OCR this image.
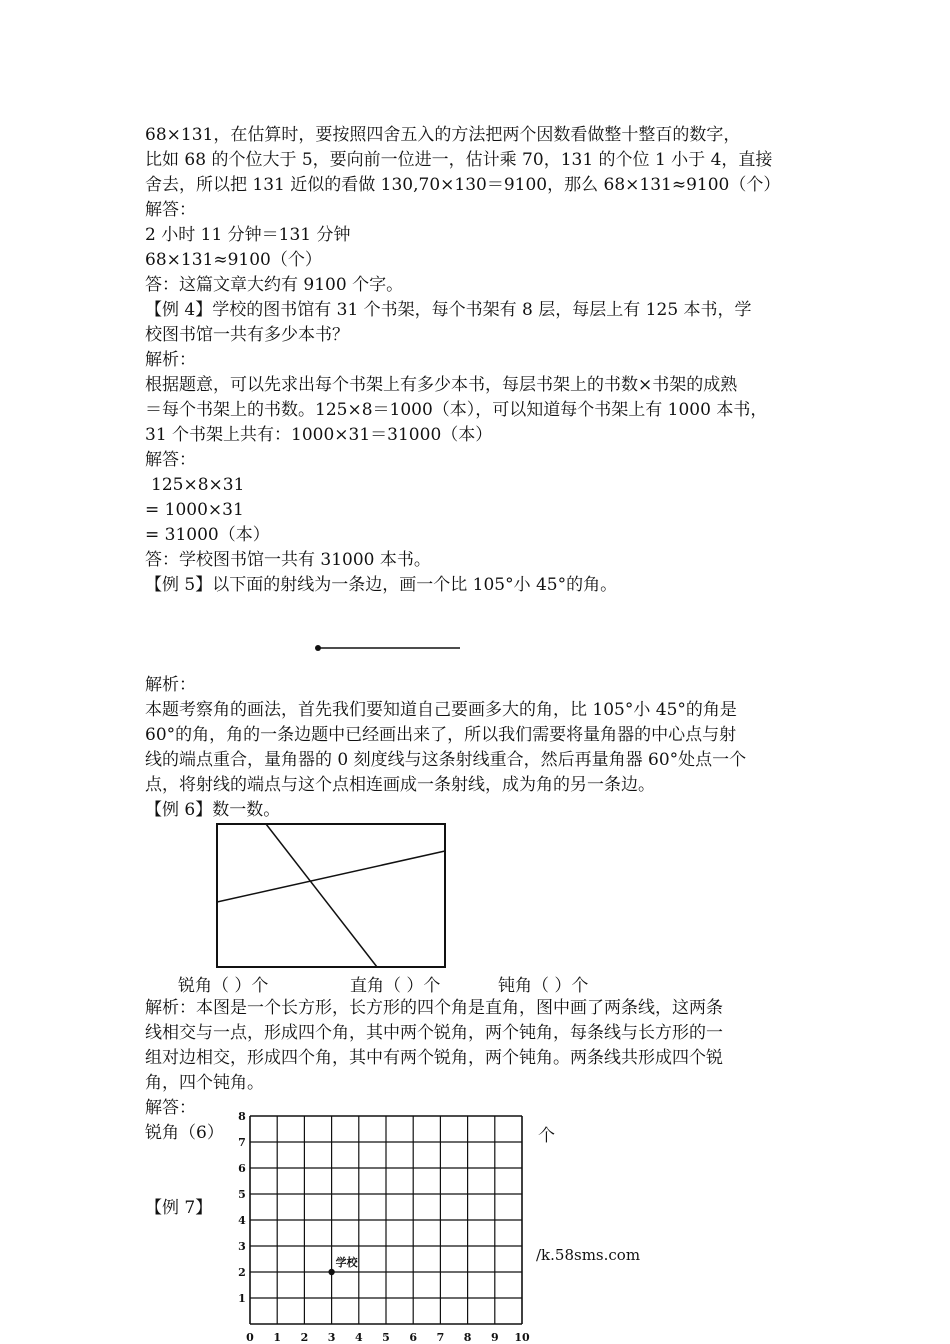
68×131，在估算时，要按照四舍五入的方法把两个因数看做整十整百的数字，
比如 68 的个位大于 5，要向前一位进一，估计乘 70，131 的个位 1 小于 4，直接
舍去，所以把 131 近似的看做 130,70×130＝9100，那么 68×131≈9100（个）
解答：
2 小时 11 分钟＝131 分钟
68×131≈9100（个）
答：这篇文章大约有 9100 个字。
【例 4】学校的图书馆有 31 个书架，每个书架有 8 层，每层上有 125 本书，学
校图书馆一共有多少本书？
解析：
根据题意，可以先求出每个书架上有多少本书，每层书架上的书数×书架的成熟
＝每个书架上的书数。125×8＝1000（本），可以知道每个书架上有 1000 本书，
31 个书架上共有：1000×31＝31000（本）
解答：
125×8×31
= 1000×31
= 31000（本）
答：学校图书馆一共有 31000 本书。
【例 5】以下面的射线为一条边，画一个比 105°小 45°的角。
解析：
本题考察角的画法，首先我们要知道自己要画多大的角，比 105°小 45°的角是
60°的角，角的一条边题中已经画出来了，所以我们需要将量角器的中心点与射
线的端点重合，量角器的 0 刻度线与这条射线重合，然后再量角器 60°处点一个
点，将射线的端点与这个点相连画成一条射线，成为角的另一条边。
【例 6】数一数。
锐角（ ）个	直角（ ）个	钝角（ ）个
解析：本图是一个长方形，长方形的四个角是直角，图中画了两条线，这两条
线相交与一点，形成四个角，其中两个锐角，两个钝角，每条线与长方形的一
组对边相交，形成四个角，其中有两个锐角，两个钝角。两条线共形成四个锐
角，四个钝角。
解答：
锐角（6）
【例 7】
0 1 2 3 4 5 6 7 8 9 10
1
2
3
4
5
6
7
8
学校
个
/k.58sms.com
